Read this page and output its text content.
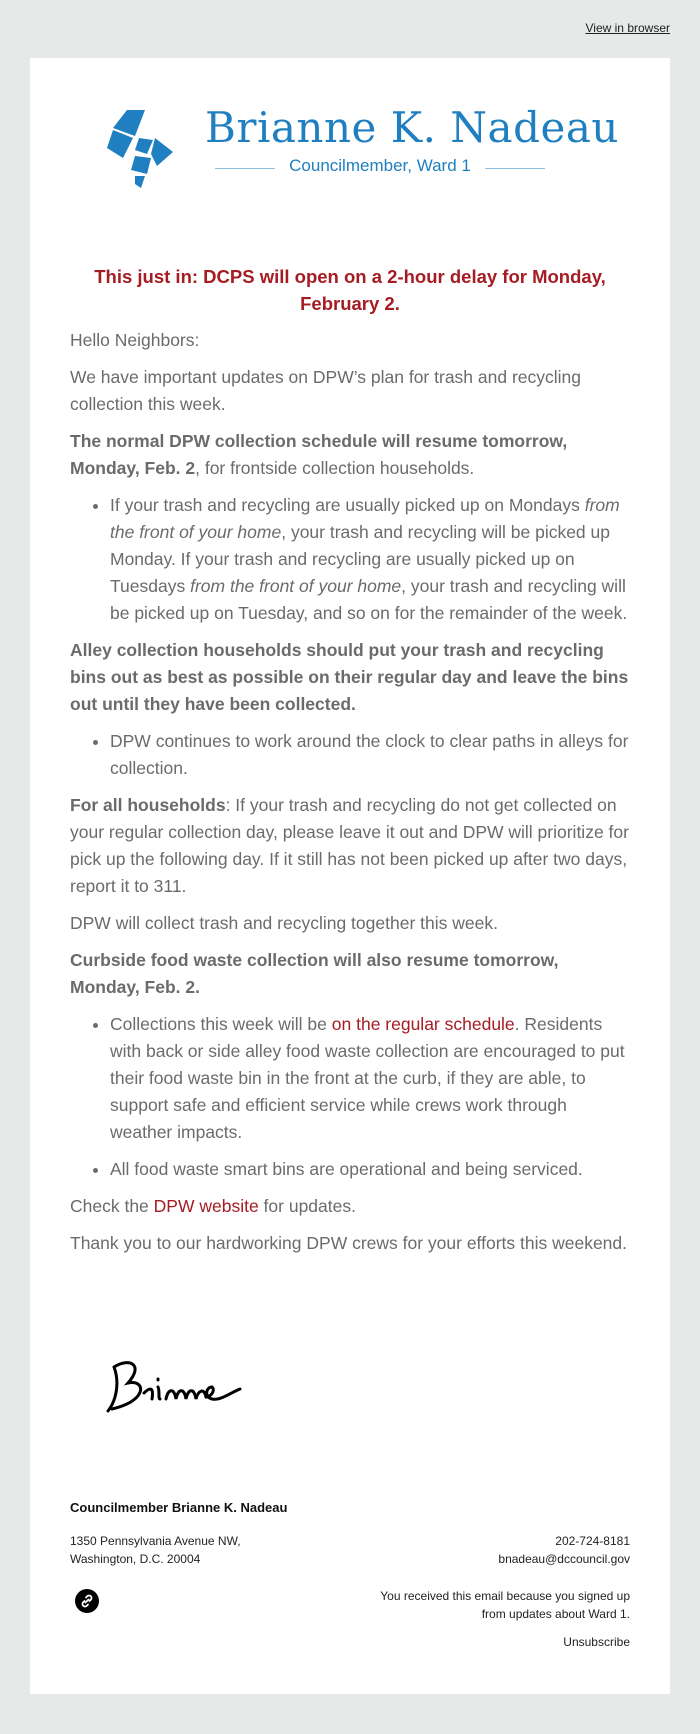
View in browser
Brianne K. Nadeau
Councilmember, Ward 1
This just in: DCPS will open on a 2-hour delay for Monday, February 2.

Hello Neighbors:

We have important updates on DPW’s plan for trash and recycling collection this week.

The normal DPW collection schedule will resume tomorrow, Monday, Feb. 2, for frontside collection households.

• If your trash and recycling are usually picked up on Mondays from the front of your home, your trash and recycling will be picked up Monday. If your trash and recycling are usually picked up on Tuesdays from the front of your home, your trash and recycling will be picked up on Tuesday, and so on for the remainder of the week.

Alley collection households should put your trash and recycling bins out as best as possible on their regular day and leave the bins out until they have been collected.

• DPW continues to work around the clock to clear paths in alleys for collection.

For all households: If your trash and recycling do not get collected on your regular collection day, please leave it out and DPW will prioritize for pick up the following day. If it still has not been picked up after two days, report it to 311.

DPW will collect trash and recycling together this week.

Curbside food waste collection will also resume tomorrow, Monday, Feb. 2.

• Collections this week will be on the regular schedule. Residents with back or side alley food waste collection are encouraged to put their food waste bin in the front at the curb, if they are able, to support safe and efficient service while crews work through weather impacts.
• All food waste smart bins are operational and being serviced.

Check the DPW website for updates.

Thank you to our hardworking DPW crews for your efforts this weekend.

Councilmember Brianne K. Nadeau
1350 Pennsylvania Avenue NW,
Washington, D.C. 20004
202-724-8181
bnadeau@dccouncil.gov
You received this email because you signed up from updates about Ward 1.
Unsubscribe
